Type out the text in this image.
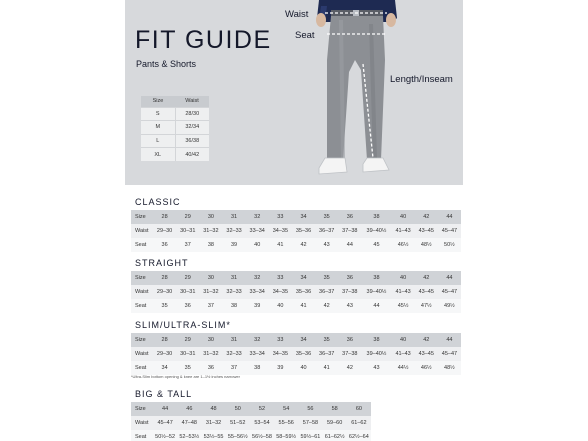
FIT GUIDE
Pants & Shorts
Size	Waist
S	28/30
M	32/34
L	36/38
XL	40/42
Waist
Seat
Length/Inseam
CLASSIC
Size	28	29	30	31	32	33	34	35	36	38	40	42	44
Waist	29–30	30–31	31–32	32–33	33–34	34–35	35–36	36–37	37–38	39–40½	41–43	43–45	45–47
Seat	36	37	38	39	40	41	42	43	44	45	46½	48½	50½
STRAIGHT
Size	28	29	30	31	32	33	34	35	36	38	40	42	44
Waist	29–30	30–31	31–32	32–33	33–34	34–35	35–36	36–37	37–38	39–40½	41–43	43–45	45–47
Seat	35	36	37	38	39	40	41	42	43	44	45½	47½	49½
SLIM/ULTRA-SLIM*
Size	28	29	30	31	32	33	34	35	36	38	40	42	44
Waist	29–30	30–31	31–32	32–33	33–34	34–35	35–36	36–37	37–38	39–40½	41–43	43–45	45–47
Seat	34	35	36	37	38	39	40	41	42	43	44½	46½	48½
*Ultra-Slim bottom opening & knee are 1–1½ inches narrower
BIG & TALL
Size	44	46	48	50	52	54	56	58	60
Waist	45–47	47–48	31–32	51–52	53–54	55–56	57–58	59–60	61–62
Seat	50½–52	52–53½	53½–55	55–56½	56½–58	58–59½	59½–61	61–62½	62½–64
